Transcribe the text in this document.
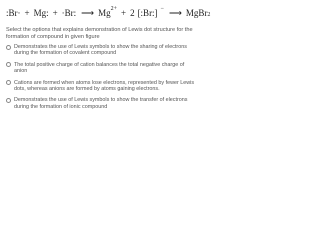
:Br· + Mg: + ·Br: ⟶ Mg 2+ + 2 [:Br:] − ⟶ MgBr 2
Select the options that explains demonstration of Lewis dot structure for the formation of compound in given figure
Demonstrates the use of Lewis symbols to show the sharing of electrons during the formation of covalent compound
The total positive charge of cation balances the total negative charge of anion
Cations are formed when atoms lose electrons, represented by fewer Lewis dots, whereas anions are formed by atoms gaining electrons.
Demonstrates the use of Lewis symbols to show the transfer of electrons during the formation of ionic compound
